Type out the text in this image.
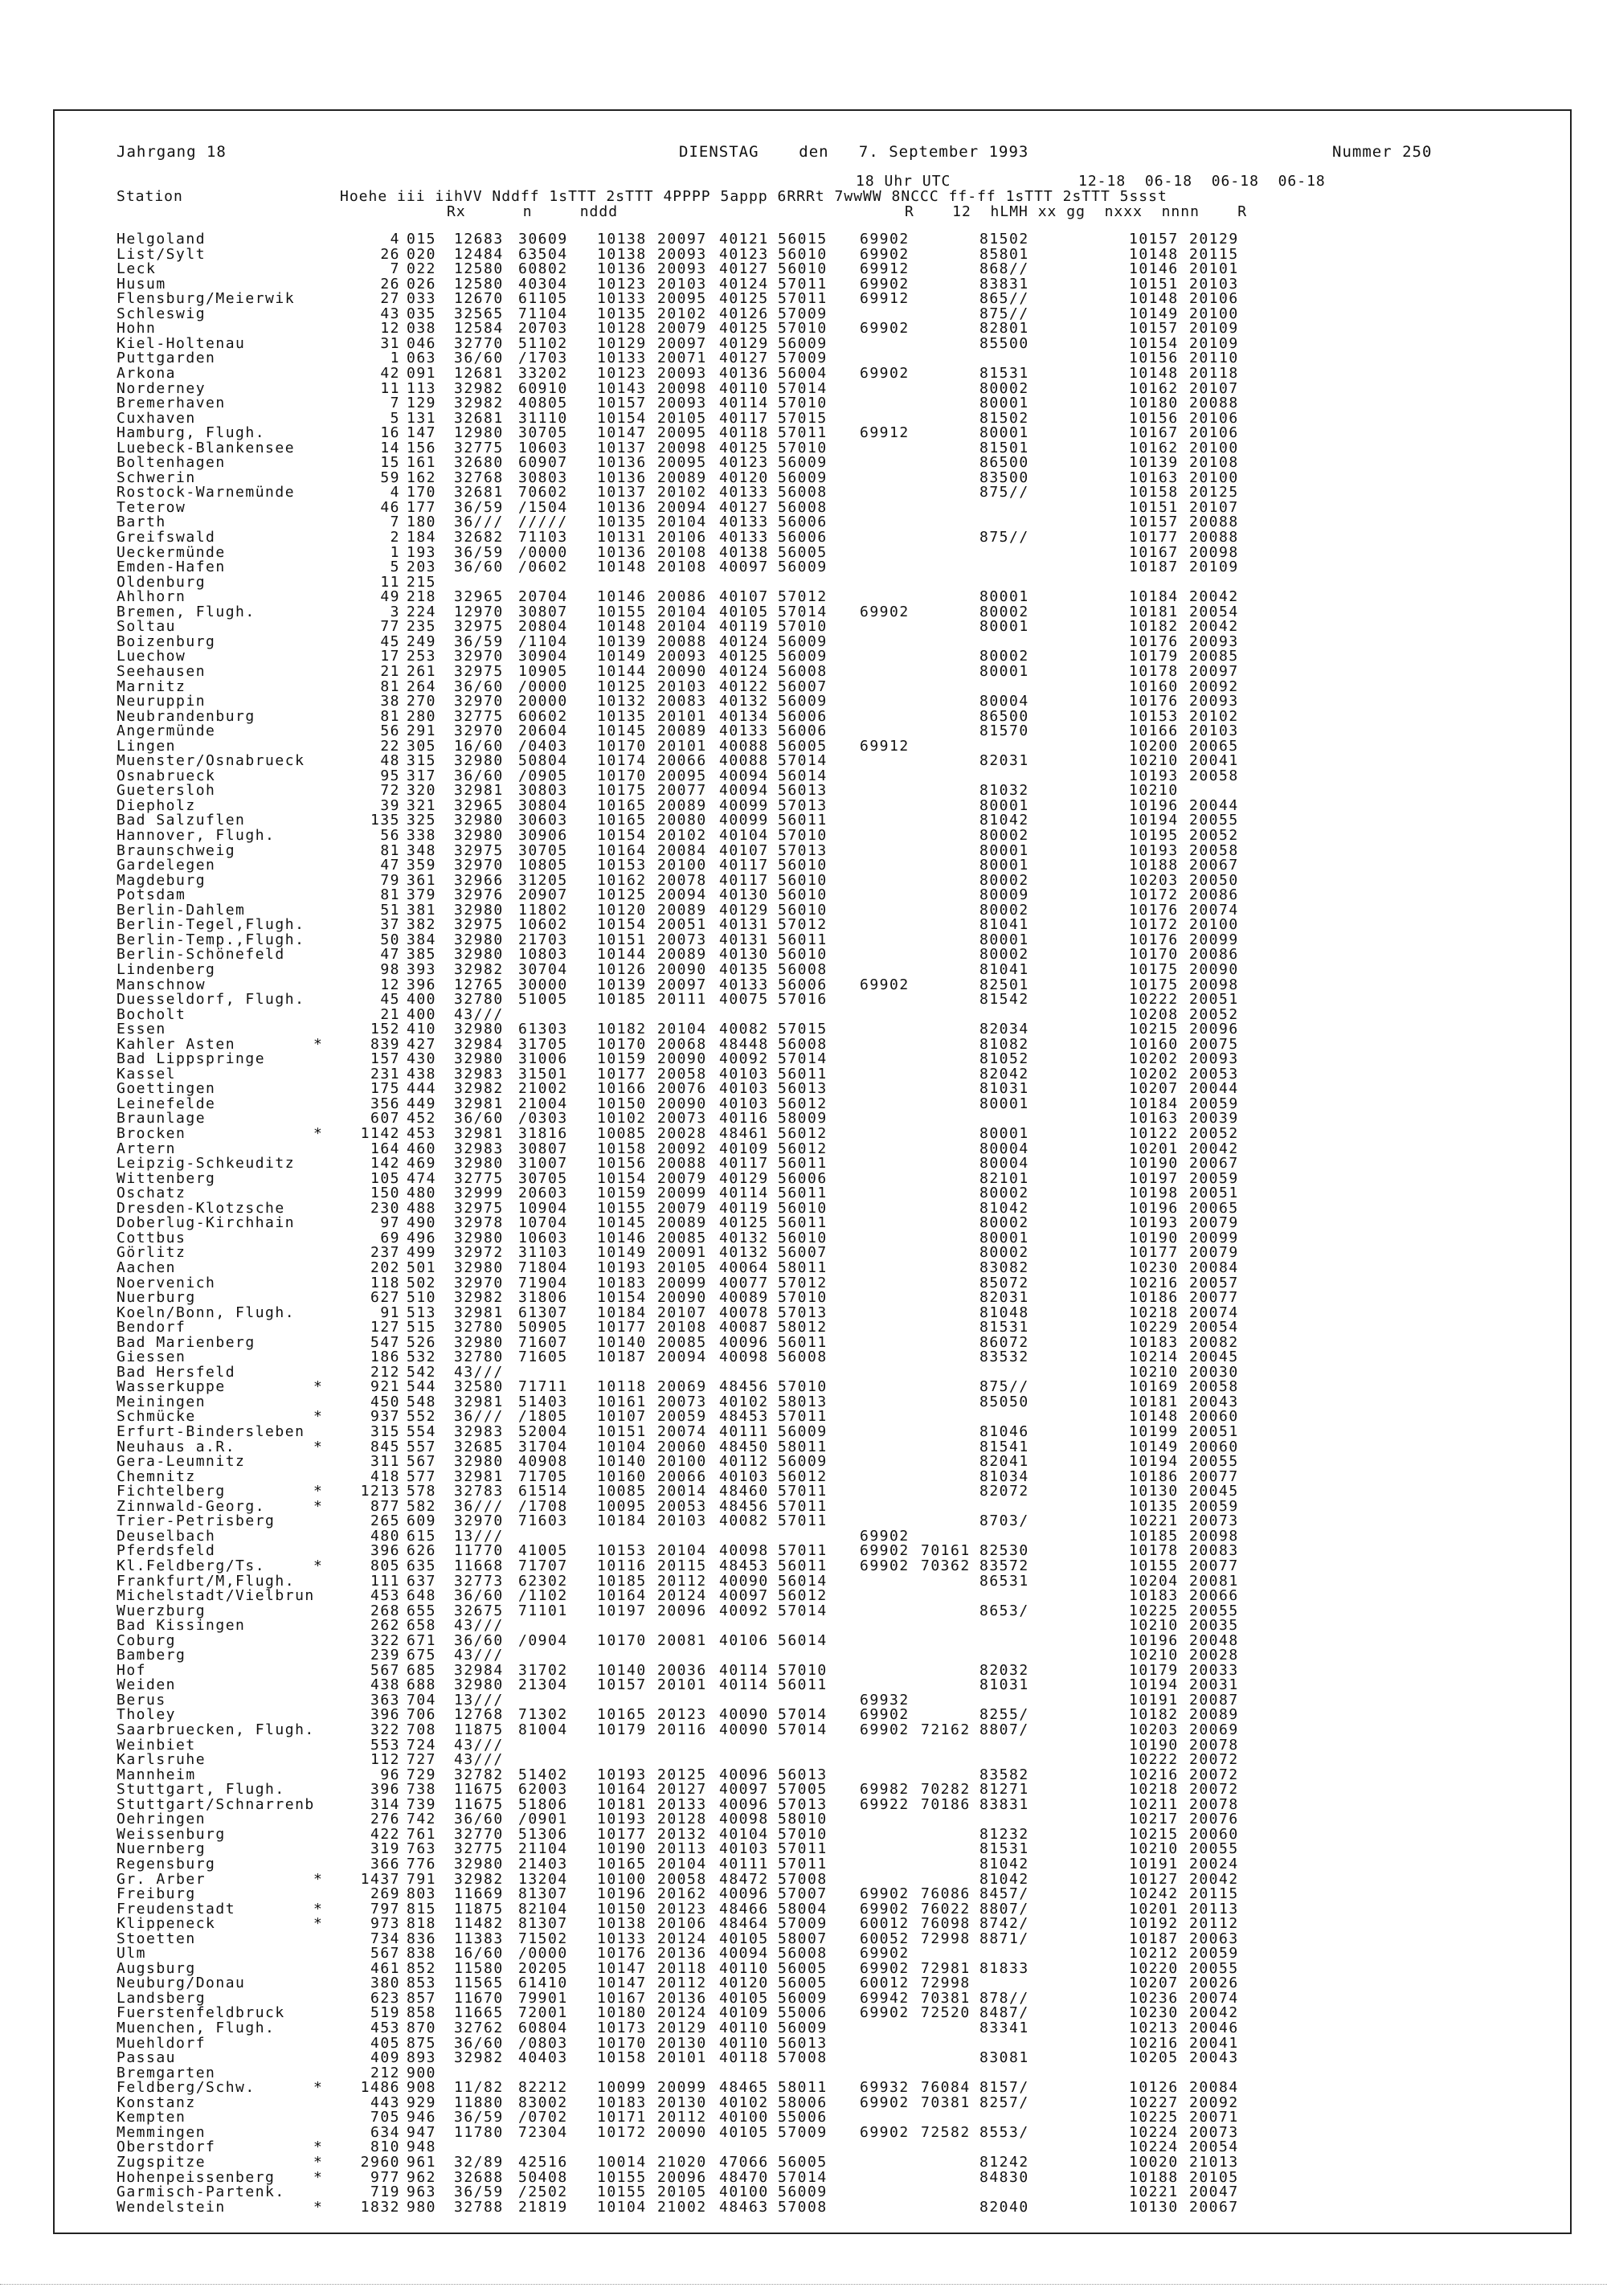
Jahrgang 18	DIENSTAG    den   7. September 1993	Nummer 250
18 Uhr UTC	12-18  06-18  06-18  06-18
Station	Hoehe iii iihVV Nddff 1sTTT 2sTTT 4PPPP 5appp 6RRRt 7wwWW 8NCCC ff-ff 1sTTT 2sTTT 5ssst
Rx      n     nddd	R    12  hLMH xx gg  nxxx  nnnn    R
Helgoland	4 015 12683 30609 10138 20097 40121 56015 69902	81502	10157 20129
List/Sylt	26 020 12484 63504 10138 20093 40123 56010 69902	85801	10148 20115
Leck	7 022 12580 60802 10136 20093 40127 56010 69912	868//	10146 20101
Husum	26 026 12580 40304 10123 20103 40124 57011 69902	83831	10151 20103
Flensburg/Meierwik	27 033 12670 61105 10133 20095 40125 57011 69912	865//	10148 20106
Schleswig	43 035 32565 71104 10135 20102 40126 57009	875//	10149 20100
Hohn	12 038 12584 20703 10128 20079 40125 57010 69902	82801	10157 20109
Kiel-Holtenau	31 046 32770 51102 10129 20097 40129 56009	85500	10154 20109
Puttgarden	1 063 36/60 /1703 10133 20071 40127 57009	10156 20110
Arkona	42 091 12681 33202 10123 20093 40136 56004 69902	81531	10148 20118
Norderney	11 113 32982 60910 10143 20098 40110 57014	80002	10162 20107
Bremerhaven	7 129 32982 40805 10157 20093 40114 57010	80001	10180 20088
Cuxhaven	5 131 32681 31110 10154 20105 40117 57015	81502	10156 20106
Hamburg, Flugh.	16 147 12980 30705 10147 20095 40118 57011 69912	80001	10167 20106
Luebeck-Blankensee	14 156 32775 10603 10137 20098 40125 57010	81501	10162 20100
Boltenhagen	15 161 32680 60907 10136 20095 40123 56009	86500	10139 20108
Schwerin	59 162 32768 30803 10136 20089 40120 56009	83500	10163 20100
Rostock-Warnemünde	4 170 32681 70602 10137 20102 40133 56008	875//	10158 20125
Teterow	46 177 36/59 /1504 10136 20094 40127 56008	10151 20107
Barth	7 180 36/// ///// 10135 20104 40133 56006	10157 20088
Greifswald	2 184 32682 71103 10131 20106 40133 56006	875//	10177 20088
Ueckermünde	1 193 36/59 /0000 10136 20108 40138 56005	10167 20098
Emden-Hafen	5 203 36/60 /0602 10148 20108 40097 56009	10187 20109
Oldenburg	11 215
Ahlhorn	49 218 32965 20704 10146 20086 40107 57012	80001	10184 20042
Bremen, Flugh.	3 224 12970 30807 10155 20104 40105 57014 69902	80002	10181 20054
Soltau	77 235 32975 20804 10148 20104 40119 57010	80001	10182 20042
Boizenburg	45 249 36/59 /1104 10139 20088 40124 56009	10176 20093
Luechow	17 253 32970 30904 10149 20093 40125 56009	80002	10179 20085
Seehausen	21 261 32975 10905 10144 20090 40124 56008	80001	10178 20097
Marnitz	81 264 36/60 /0000 10125 20103 40122 56007	10160 20092
Neuruppin	38 270 32970 20000 10132 20083 40132 56009	80004	10176 20093
Neubrandenburg	81 280 32775 60602 10135 20101 40134 56006	86500	10153 20102
Angermünde	56 291 32970 20604 10145 20089 40133 56006	81570	10166 20103
Lingen	22 305 16/60 /0403 10170 20101 40088 56005 69912	10200 20065
Muenster/Osnabrueck	48 315 32980 50804 10174 20066 40088 57014	82031	10210 20041
Osnabrueck	95 317 36/60 /0905 10170 20095 40094 56014	10193 20058
Guetersloh	72 320 32981 30803 10175 20077 40094 56013	81032	10210
Diepholz	39 321 32965 30804 10165 20089 40099 57013	80001	10196 20044
Bad Salzuflen	135 325 32980 30603 10165 20080 40099 56011	81042	10194 20055
Hannover, Flugh.	56 338 32980 30906 10154 20102 40104 57010	80002	10195 20052
Braunschweig	81 348 32975 30705 10164 20084 40107 57013	80001	10193 20058
Gardelegen	47 359 32970 10805 10153 20100 40117 56010	80001	10188 20067
Magdeburg	79 361 32966 31205 10162 20078 40117 56010	80002	10203 20050
Potsdam	81 379 32976 20907 10125 20094 40130 56010	80009	10172 20086
Berlin-Dahlem	51 381 32980 11802 10120 20089 40129 56010	80002	10176 20074
Berlin-Tegel,Flugh.	37 382 32975 10602 10154 20051 40131 57012	81041	10172 20100
Berlin-Temp.,Flugh.	50 384 32980 21703 10151 20073 40131 56011	80001	10176 20099
Berlin-Schönefeld	47 385 32980 10803 10144 20089 40130 56010	80002	10170 20086
Lindenberg	98 393 32982 30704 10126 20090 40135 56008	81041	10175 20090
Manschnow	12 396 12765 30000 10139 20097 40133 56006 69902	82501	10175 20098
Duesseldorf, Flugh.	45 400 32780 51005 10185 20111 40075 57016	81542	10222 20051
Bocholt	21 400 43///	10208 20052
Essen	152 410 32980 61303 10182 20104 40082 57015	82034	10215 20096
Kahler Asten	*	839 427 32984 31705 10170 20068 48448 56008	81082	10160 20075
Bad Lippspringe	157 430 32980 31006 10159 20090 40092 57014	81052	10202 20093
Kassel	231 438 32983 31501 10177 20058 40103 56011	82042	10202 20053
Goettingen	175 444 32982 21002 10166 20076 40103 56013	81031	10207 20044
Leinefelde	356 449 32981 21004 10150 20090 40103 56012	80001	10184 20059
Braunlage	607 452 36/60 /0303 10102 20073 40116 58009	10163 20039
Brocken	*	1142 453 32981 31816 10085 20028 48461 56012	80001	10122 20052
Artern	164 460 32983 30807 10158 20092 40109 56012	80004	10201 20042
Leipzig-Schkeuditz	142 469 32980 31007 10156 20088 40117 56011	80004	10190 20067
Wittenberg	105 474 32775 30705 10154 20079 40129 56006	82101	10197 20059
Oschatz	150 480 32999 20603 10159 20099 40114 56011	80002	10198 20051
Dresden-Klotzsche	230 488 32975 10904 10155 20079 40119 56010	81042	10196 20065
Doberlug-Kirchhain	97 490 32978 10704 10145 20089 40125 56011	80002	10193 20079
Cottbus	69 496 32980 10603 10146 20085 40132 56010	80001	10190 20099
Görlitz	237 499 32972 31103 10149 20091 40132 56007	80002	10177 20079
Aachen	202 501 32980 71804 10193 20105 40064 58011	83082	10230 20084
Noervenich	118 502 32970 71904 10183 20099 40077 57012	85072	10216 20057
Nuerburg	627 510 32982 31806 10154 20090 40089 57010	82031	10186 20077
Koeln/Bonn, Flugh.	91 513 32981 61307 10184 20107 40078 57013	81048	10218 20074
Bendorf	127 515 32780 50905 10177 20108 40087 58012	81531	10229 20054
Bad Marienberg	547 526 32980 71607 10140 20085 40096 56011	86072	10183 20082
Giessen	186 532 32780 71605 10187 20094 40098 56008	83532	10214 20045
Bad Hersfeld	212 542 43///	10210 20030
Wasserkuppe	*	921 544 32580 71711 10118 20069 48456 57010	875//	10169 20058
Meiningen	450 548 32981 51403 10161 20073 40102 58013	85050	10181 20043
Schmücke	*	937 552 36/// /1805 10107 20059 48453 57011	10148 20060
Erfurt-Bindersleben	315 554 32983 52004 10151 20074 40111 56009	81046	10199 20051
Neuhaus a.R.	*	845 557 32685 31704 10104 20060 48450 58011	81541	10149 20060
Gera-Leumnitz	311 567 32980 40908 10140 20100 40112 56009	82041	10194 20055
Chemnitz	418 577 32981 71705 10160 20066 40103 56012	81034	10186 20077
Fichtelberg	*	1213 578 32783 61514 10085 20014 48460 57011	82072	10130 20045
Zinnwald-Georg.	*	877 582 36/// /1708 10095 20053 48456 57011	10135 20059
Trier-Petrisberg	265 609 32970 71603 10184 20103 40082 57011	8703/	10221 20073
Deuselbach	480 615 13///	69902	10185 20098
Pferdsfeld	396 626 11770 41005 10153 20104 40098 57011 69902 70161 82530	10178 20083
Kl.Feldberg/Ts.	*	805 635 11668 71707 10116 20115 48453 56011 69902 70362 83572	10155 20077
Frankfurt/M,Flugh.	111 637 32773 62302 10185 20112 40090 56014	86531	10204 20081
Michelstadt/Vielbrun	453 648 36/60 /1102 10164 20124 40097 56012	10183 20066
Wuerzburg	268 655 32675 71101 10197 20096 40092 57014	8653/	10225 20055
Bad Kissingen	262 658 43///	10210 20035
Coburg	322 671 36/60 /0904 10170 20081 40106 56014	10196 20048
Bamberg	239 675 43///	10210 20028
Hof	567 685 32984 31702 10140 20036 40114 57010	82032	10179 20033
Weiden	438 688 32980 21304 10157 20101 40114 56011	81031	10194 20031
Berus	363 704 13///	69932	10191 20087
Tholey	396 706 12768 71302 10165 20123 40090 57014 69902	8255/	10182 20089
Saarbruecken, Flugh.	322 708 11875 81004 10179 20116 40090 57014 69902 72162 8807/	10203 20069
Weinbiet	553 724 43///	10190 20078
Karlsruhe	112 727 43///	10222 20072
Mannheim	96 729 32782 51402 10193 20125 40096 56013	83582	10216 20072
Stuttgart, Flugh.	396 738 11675 62003 10164 20127 40097 57005 69982 70282 81271	10218 20072
Stuttgart/Schnarrenb	314 739 11675 51806 10181 20133 40096 57013 69922 70186 83831	10211 20078
Oehringen	276 742 36/60 /0901 10193 20128 40098 58010	10217 20076
Weissenburg	422 761 32770 51306 10177 20132 40104 57010	81232	10215 20060
Nuernberg	319 763 32775 21104 10190 20113 40103 57011	81531	10210 20055
Regensburg	366 776 32980 21403 10165 20104 40111 57011	81042	10191 20024
Gr. Arber	*	1437 791 32982 13204 10100 20058 48472 57008	81042	10127 20042
Freiburg	269 803 11669 81307 10196 20162 40096 57007 69902 76086 8457/	10242 20115
Freudenstadt	*	797 815 11875 82104 10150 20123 48466 58004 69902 76022 8807/	10201 20113
Klippeneck	*	973 818 11482 81307 10138 20106 48464 57009 60012 76098 8742/	10192 20112
Stoetten	734 836 11383 71502 10133 20124 40105 58007 60052 72998 8871/	10187 20063
Ulm	567 838 16/60 /0000 10176 20136 40094 56008 69902	10212 20059
Augsburg	461 852 11580 20205 10147 20118 40110 56005 69902 72981 81833	10220 20055
Neuburg/Donau	380 853 11565 61410 10147 20112 40120 56005 60012 72998	10207 20026
Landsberg	623 857 11670 79901 10167 20136 40105 56009 69942 70381 878//	10236 20074
Fuerstenfeldbruck	519 858 11665 72001 10180 20124 40109 55006 69902 72520 8487/	10230 20042
Muenchen, Flugh.	453 870 32762 60804 10173 20129 40110 56009	83341	10213 20046
Muehldorf	405 875 36/60 /0803 10170 20130 40110 56013	10216 20041
Passau	409 893 32982 40403 10158 20101 40118 57008	83081	10205 20043
Bremgarten	212 900
Feldberg/Schw.	*	1486 908 11/82 82212 10099 20099 48465 58011 69932 76084 8157/	10126 20084
Konstanz	443 929 11880 83002 10183 20130 40102 58006 69902 70381 8257/	10227 20092
Kempten	705 946 36/59 /0702 10171 20112 40100 55006	10225 20071
Memmingen	634 947 11780 72304 10172 20090 40105 57009 69902 72582 8553/	10224 20073
Oberstdorf	*	810 948	10224 20054
Zugspitze	*	2960 961 32/89 42516 10014 21020 47066 56005	81242	10020 21013
Hohenpeissenberg	*	977 962 32688 50408 10155 20096 48470 57014	84830	10188 20105
Garmisch-Partenk.	719 963 36/59 /2502 10155 20105 40100 56009	10221 20047
Wendelstein	*	1832 980 32788 21819 10104 21002 48463 57008	82040	10130 20067
